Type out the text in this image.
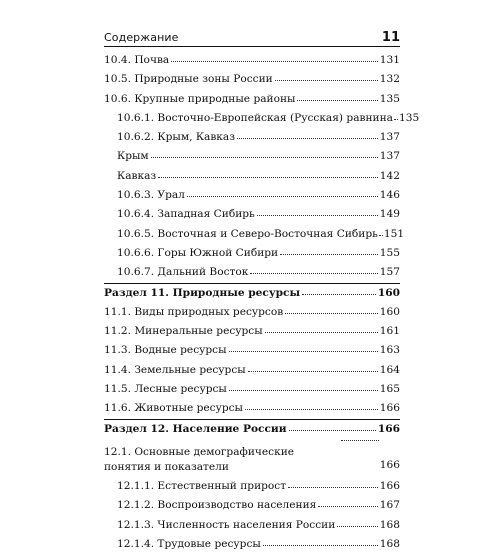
Содержание	11
10.4. Почва	131
10.5. Природные зоны России	132
10.6. Крупные природные районы	135
10.6.1. Восточно-Европейская (Русская) равнина 135
10.6.2. Крым, Кавказ	137
Крым	137
Кавказ	142
10.6.3. Урал	146
10.6.4. Западная Сибирь	149
10.6.5. Восточная и Северо-Восточная Сибирь 151
10.6.6. Горы Южной Сибири	155
10.6.7. Дальний Восток	157
Раздел 11. Природные ресурсы	160
11.1. Виды природных ресурсов	160
11.2. Минеральные ресурсы	161
11.3. Водные ресурсы	163
11.4. Земельные ресурсы	164
11.5. Лесные ресурсы	165
11.6. Животные ресурсы	166
Раздел 12. Население России	166
12.1. Основные демографические понятия и показатели	166
12.1.1. Естественный прирост	166
12.1.2. Воспроизводство населения	167
12.1.3. Численность населения России	168
12.1.4. Трудовые ресурсы	168
